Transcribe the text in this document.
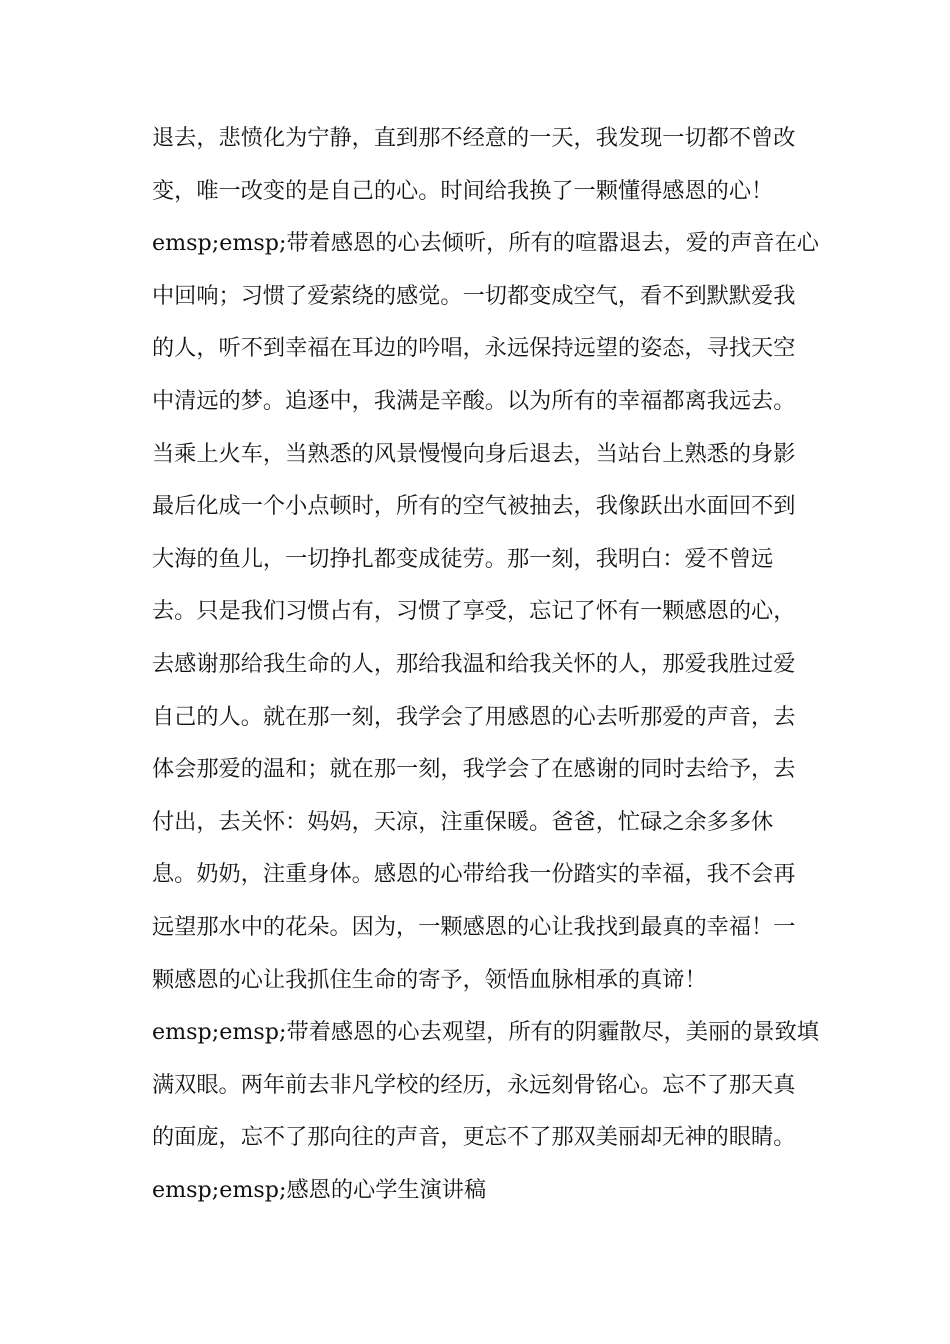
退去，悲愤化为宁静，直到那不经意的一天，我发现一切都不曾改
变，唯一改变的是自己的心。时间给我换了一颗懂得感恩的心！
emsp;emsp;带着感恩的心去倾听，所有的喧嚣退去，爱的声音在心
中回响；习惯了爱萦绕的感觉。一切都变成空气，看不到默默爱我
的人，听不到幸福在耳边的吟唱，永远保持远望的姿态，寻找天空
中清远的梦。追逐中，我满是辛酸。以为所有的幸福都离我远去。
当乘上火车，当熟悉的风景慢慢向身后退去，当站台上熟悉的身影
最后化成一个小点顿时，所有的空气被抽去，我像跃出水面回不到
大海的鱼儿，一切挣扎都变成徒劳。那一刻，我明白：爱不曾远
去。只是我们习惯占有，习惯了享受，忘记了怀有一颗感恩的心，
去感谢那给我生命的人，那给我温和给我关怀的人，那爱我胜过爱
自己的人。就在那一刻，我学会了用感恩的心去听那爱的声音，去
体会那爱的温和；就在那一刻，我学会了在感谢的同时去给予，去
付出，去关怀：妈妈，天凉，注重保暖。爸爸，忙碌之余多多休
息。奶奶，注重身体。感恩的心带给我一份踏实的幸福，我不会再
远望那水中的花朵。因为，一颗感恩的心让我找到最真的幸福！一
颗感恩的心让我抓住生命的寄予，领悟血脉相承的真谛！
emsp;emsp;带着感恩的心去观望，所有的阴霾散尽，美丽的景致填
满双眼。两年前去非凡学校的经历，永远刻骨铭心。忘不了那天真
的面庞，忘不了那向往的声音，更忘不了那双美丽却无神的眼睛。
emsp;emsp;感恩的心学生演讲稿
